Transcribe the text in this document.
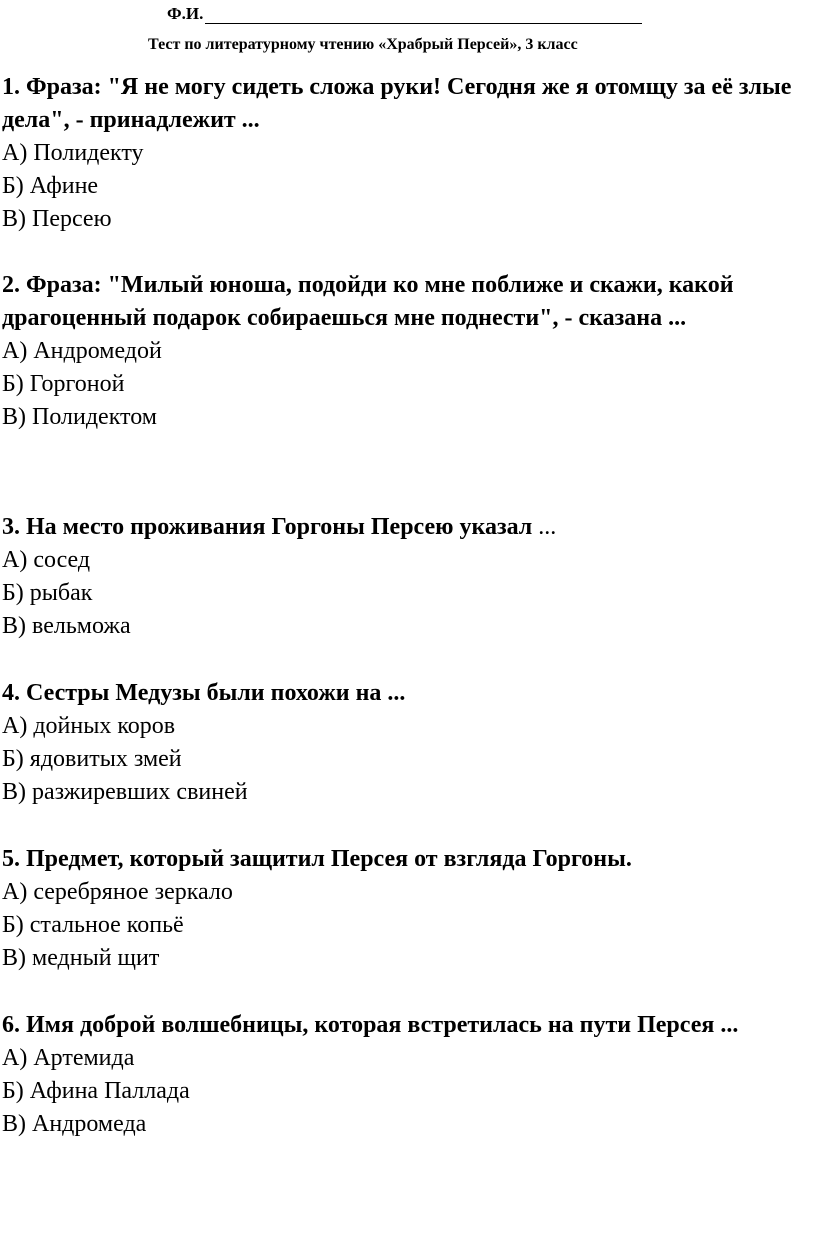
Ф.И.
Тест по литературному чтению «Храбрый Персей», 3 класс
1. Фраза: "Я не могу сидеть сложа руки! Сегодня же я отомщу за её злые дела", - принадлежит ...
А) Полидекту
Б) Афине
В) Персею
2. Фраза: "Милый юноша, подойди ко мне поближе и скажи, какой драгоценный подарок собираешься мне поднести", - сказана ...
А) Андромедой
Б) Горгоной
В) Полидектом
3. На место проживания Горгоны Персею указал ...
А) сосед
Б) рыбак
В) вельможа
4. Сестры Медузы были похожи на ...
А) дойных коров
Б) ядовитых змей
В) разжиревших свиней
5. Предмет, который защитил Персея от взгляда Горгоны.
А) серебряное зеркало
Б) стальное копьё
В) медный щит
6. Имя доброй волшебницы, которая встретилась на пути Персея ...
А) Артемида
Б) Афина Паллада
В) Андромеда
